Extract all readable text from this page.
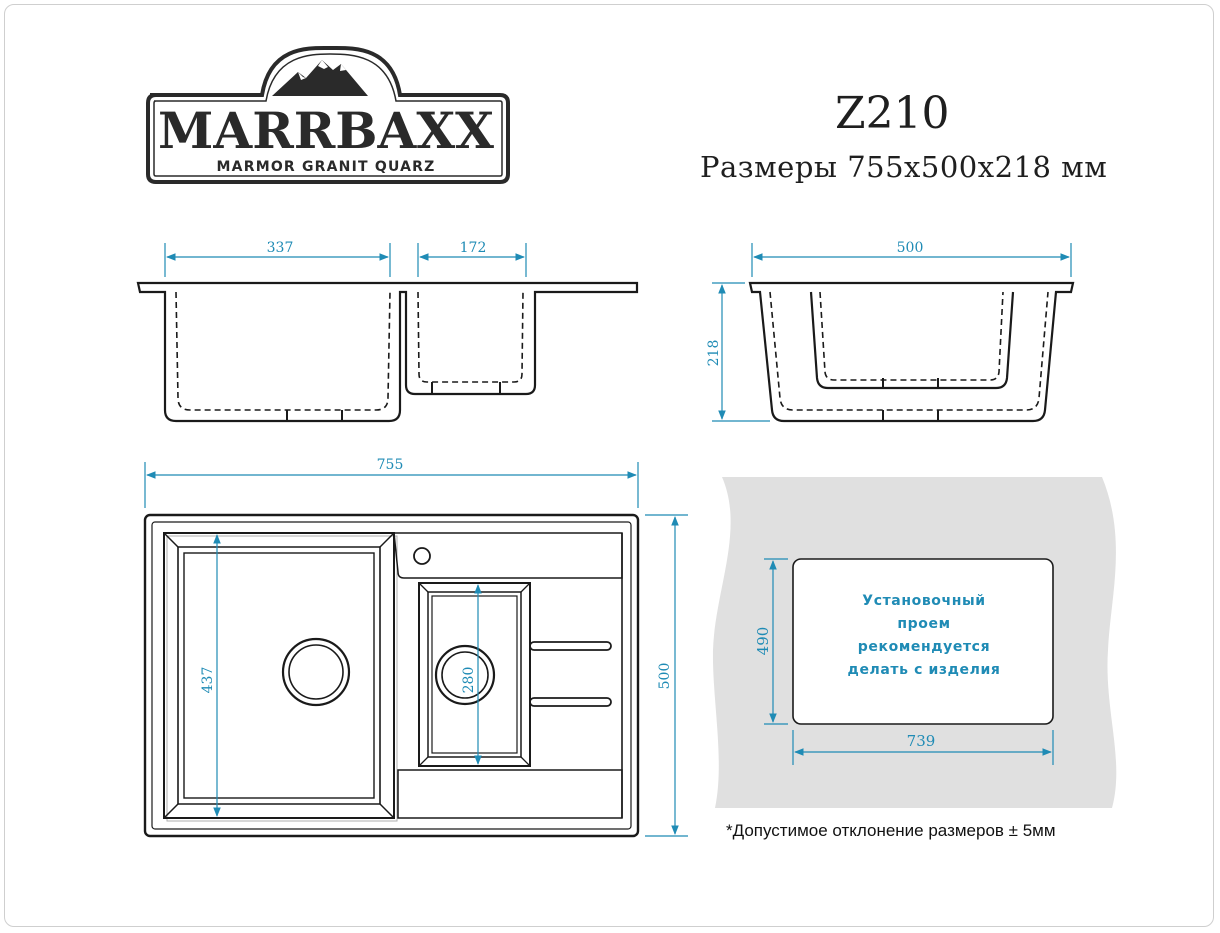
MARRBAXX
MARMOR GRANIT QUARZ
337	172	500
218
755
500
437	280
490
739
Z210
Размеры 755х500х218 мм
Установочный
проем
рекомендуется
делать с изделия
*Допустимое отклонение размеров ± 5мм
